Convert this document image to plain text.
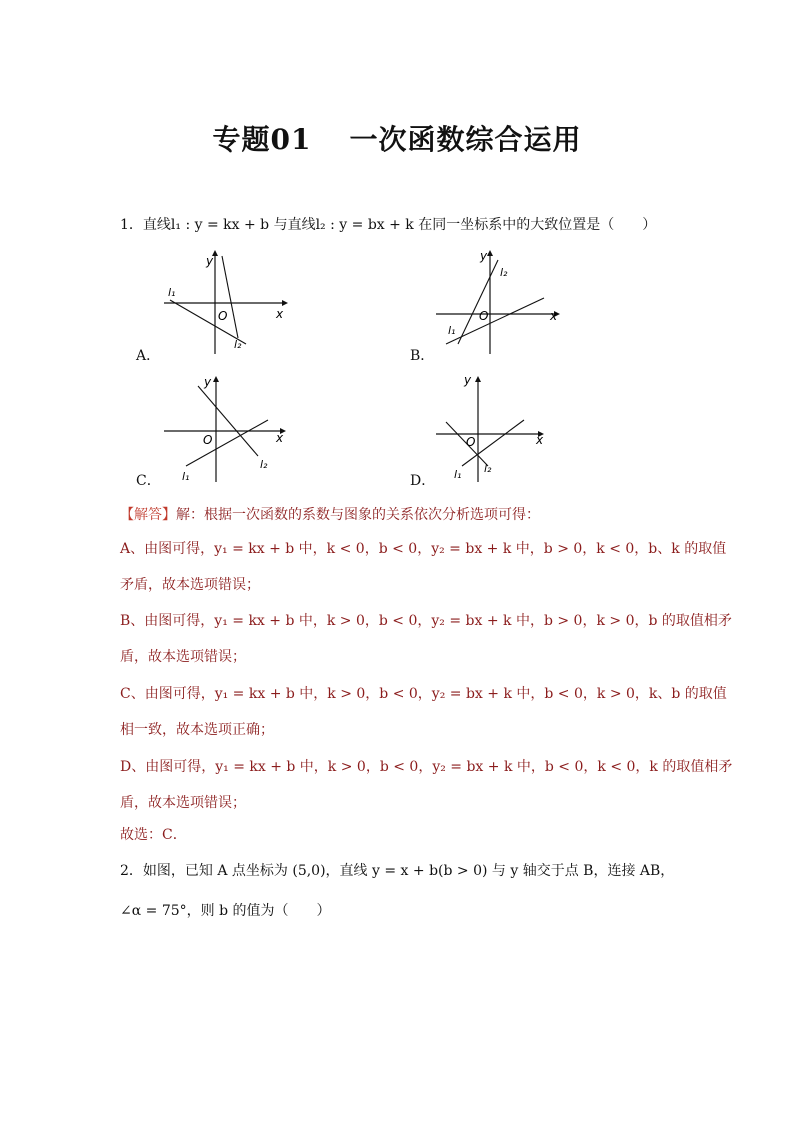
专题01 一次函数综合运用
1．直线l₁ : y = kx + b 与直线l₂ : y = bx + k 在同一坐标系中的大致位置是（　　）
y
x
O
l₁
l₂
A．
y
x
O
l₁
l₂
B．
y
x
O
l₁
l₂
C．
y
x
O
l₁ l₂
D．
【解答】解：根据一次函数的系数与图象的关系依次分析选项可得：
A、由图可得，y₁ = kx + b 中，k < 0，b < 0，y₂ = bx + k 中，b > 0，k < 0，b、k 的取值
矛盾，故本选项错误；
B、由图可得，y₁ = kx + b 中，k > 0，b < 0，y₂ = bx + k 中，b > 0，k > 0，b 的取值相矛
盾，故本选项错误；
C、由图可得，y₁ = kx + b 中，k > 0，b < 0，y₂ = bx + k 中，b < 0，k > 0，k、b 的取值
相一致，故本选项正确；
D、由图可得，y₁ = kx + b 中，k > 0，b < 0，y₂ = bx + k 中，b < 0，k < 0，k 的取值相矛
盾，故本选项错误；
故选：C．
2．如图，已知 A 点坐标为 (5,0)，直线 y = x + b(b > 0) 与 y 轴交于点 B，连接 AB，
∠α = 75°，则 b 的值为（　　）
